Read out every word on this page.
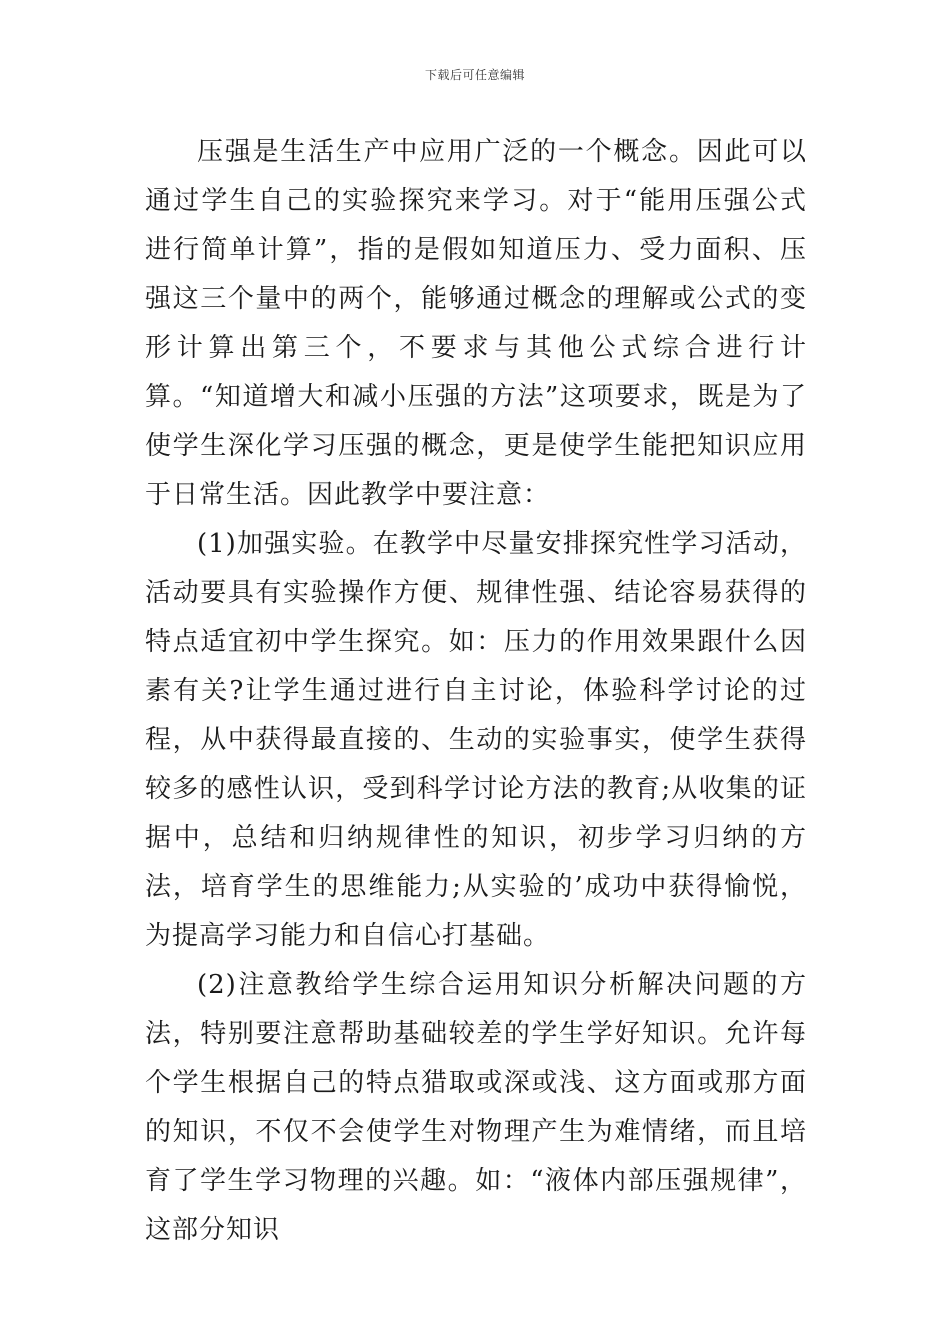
下载后可任意编辑

压强是生活生产中应用广泛的一个概念。因此可以通过学生自己的实验探究来学习。对于“能用压强公式进行简单计算”，指的是假如知道压力、受力面积、压强这三个量中的两个，能够通过概念的理解或公式的变形计算出第三个，不要求与其他公式综合进行计算。“知道增大和减小压强的方法”这项要求，既是为了使学生深化学习压强的概念，更是使学生能把知识应用于日常生活。因此教学中要注意：

(1)加强实验。在教学中尽量安排探究性学习活动，活动要具有实验操作方便、规律性强、结论容易获得的特点适宜初中学生探究。如：压力的作用效果跟什么因素有关?让学生通过进行自主讨论，体验科学讨论的过程，从中获得最直接的、生动的实验事实，使学生获得较多的感性认识，受到科学讨论方法的教育;从收集的证据中，总结和归纳规律性的知识，初步学习归纳的方法，培育学生的思维能力;从实验的’成功中获得愉悦，为提高学习能力和自信心打基础。

(2)注意教给学生综合运用知识分析解决问题的方法，特别要注意帮助基础较差的学生学好知识。允许每个学生根据自己的特点猎取或深或浅、这方面或那方面的知识，不仅不会使学生对物理产生为难情绪，而且培育了学生学习物理的兴趣。如：“液体内部压强规律”，这部分知识
